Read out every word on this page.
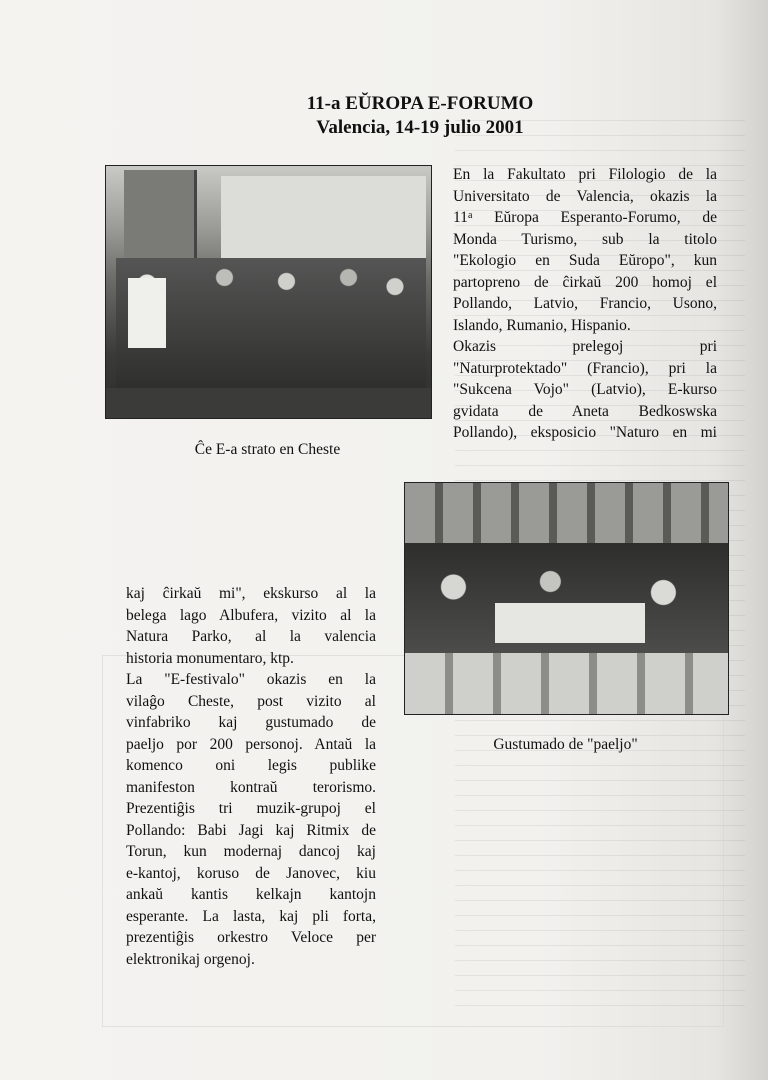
11-a EŬROPA E-FORUMO
Valencia, 14-19 julio 2001
Ĉe E-a strato en Cheste
En la Fakultato pri Filologio de la
Universitato de Valencia, okazis la
11$^a$ Eŭropa Esperanto-Forumo, de
Monda Turismo, sub la titolo
"Ekologio en Suda Eŭropo", kun
partopreno de ĉirkaŭ 200 homoj el
Pollando, Latvio, Francio, Usono,
Islando, Rumanio, Hispanio.
Okazis              prelegoj              pri
"Naturprotektado" (Francio), pri la
"Sukcena Vojo" (Latvio), E-kurso
gvidata de Aneta Bedkoswska
Pollando), eksposicio "Naturo en mi
Gustumado de "paeljo"
kaj ĉirkaŭ mi", ekskurso al la
belega lago Albufera, vizito al la
Natura Parko, al la valencia
historia monumentaro, ktp.
La "E-festivalo" okazis en la
vilaĝo Cheste, post vizito al
vinfabriko kaj gustumado de
paeljo por 200 personoj. Antaŭ la
komenco oni legis publike
manifeston kontraŭ terorismo.
Prezentiĝis tri muzik-grupoj el
Pollando: Babi Jagi kaj Ritmix de
Torun, kun modernaj dancoj kaj
e-kantoj, koruso de Janovec, kiu
ankaŭ kantis kelkajn kantojn
esperante. La lasta, kaj pli forta,
prezentiĝis orkestro Veloce per
elektronikaj orgenoj.
